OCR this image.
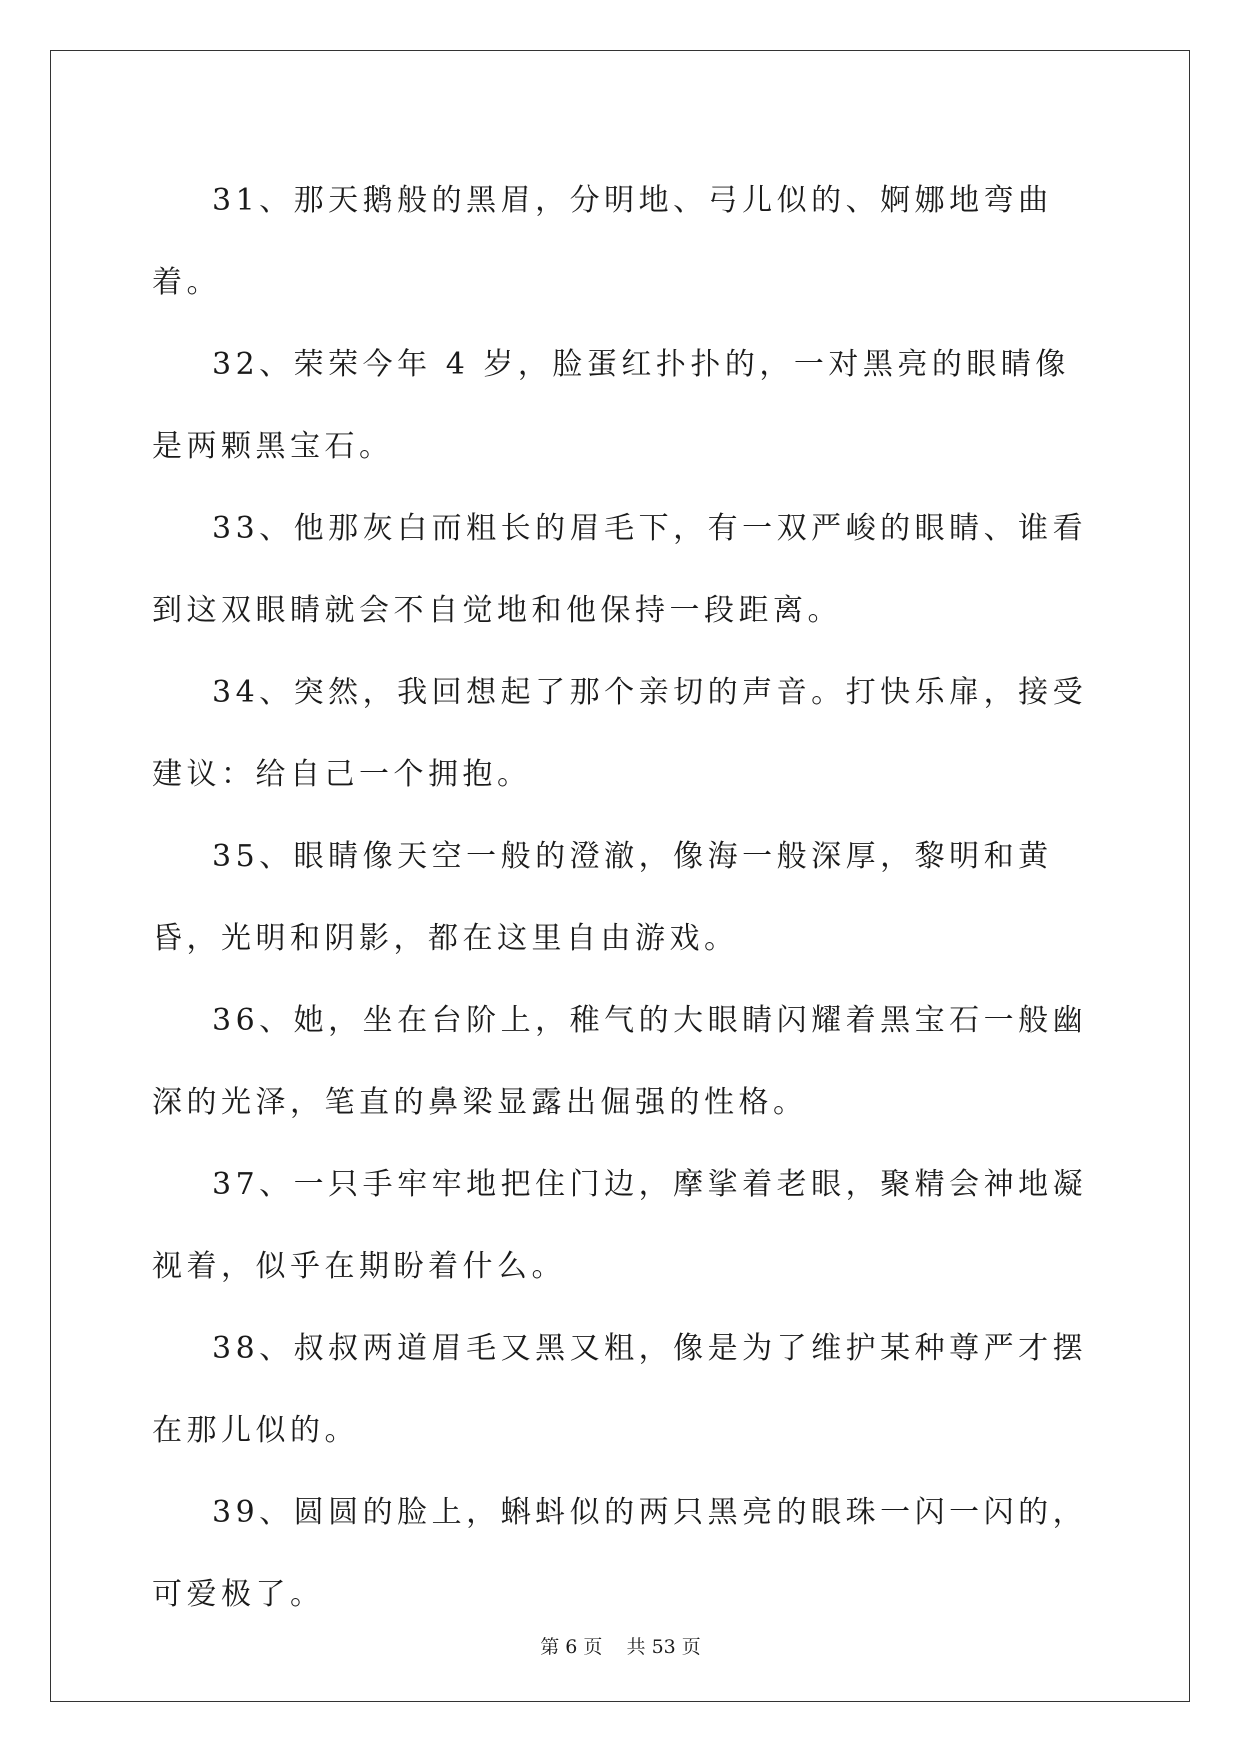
31、那天鹅般的黑眉，分明地、弓儿似的、婀娜地弯曲着。

32、荣荣今年 4 岁，脸蛋红扑扑的，一对黑亮的眼睛像是两颗黑宝石。

33、他那灰白而粗长的眉毛下，有一双严峻的眼睛、谁看到这双眼睛就会不自觉地和他保持一段距离。

34、突然，我回想起了那个亲切的声音。打快乐扉，接受建议：给自己一个拥抱。

35、眼睛像天空一般的澄澈，像海一般深厚，黎明和黄昏，光明和阴影，都在这里自由游戏。

36、她，坐在台阶上，稚气的大眼睛闪耀着黑宝石一般幽深的光泽，笔直的鼻梁显露出倔强的性格。

37、一只手牢牢地把住门边，摩挲着老眼，聚精会神地凝视着，似乎在期盼着什么。

38、叔叔两道眉毛又黑又粗，像是为了维护某种尊严才摆在那儿似的。

39、圆圆的脸上，蝌蚪似的两只黑亮的眼珠一闪一闪的，可爱极了。

第 6 页 共 53 页
